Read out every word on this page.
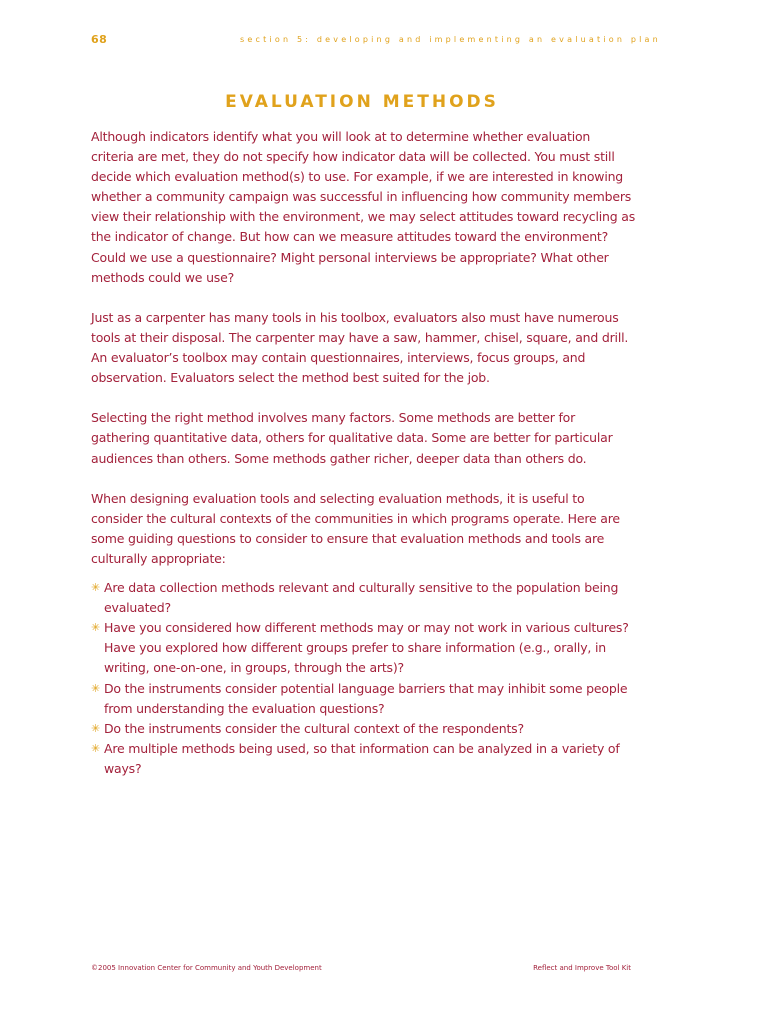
68	section 5: developing and implementing an evaluation plan
EVALUATION METHODS

Although indicators identify what you will look at to determine whether evaluation criteria are met, they do not specify how indicator data will be collected. You must still decide which evaluation method(s) to use. For example, if we are interested in knowing whether a community campaign was successful in influencing how community members view their relationship with the environment, we may select attitudes toward recycling as the indicator of change. But how can we measure attitudes toward the environment? Could we use a questionnaire? Might personal interviews be appropriate? What other methods could we use?

Just as a carpenter has many tools in his toolbox, evaluators also must have numerous tools at their disposal. The carpenter may have a saw, hammer, chisel, square, and drill. An evaluator’s toolbox may contain questionnaires, interviews, focus groups, and observation. Evaluators select the method best suited for the job.

Selecting the right method involves many factors. Some methods are better for gathering quantitative data, others for qualitative data. Some are better for particular audiences than others. Some methods gather richer, deeper data than others do.

When designing evaluation tools and selecting evaluation methods, it is useful to consider the cultural contexts of the communities in which programs operate. Here are some guiding questions to consider to ensure that evaluation methods and tools are culturally appropriate:

✳ Are data collection methods relevant and culturally sensitive to the population being evaluated?
✳ Have you considered how different methods may or may not work in various cultures? Have you explored how different groups prefer to share information (e.g., orally, in writing, one-on-one, in groups, through the arts)?
✳ Do the instruments consider potential language barriers that may inhibit some people from understanding the evaluation questions?
✳ Do the instruments consider the cultural context of the respondents?
✳ Are multiple methods being used, so that information can be analyzed in a variety of ways?
©2005 Innovation Center for Community and Youth Development	Reflect and Improve Tool Kit
